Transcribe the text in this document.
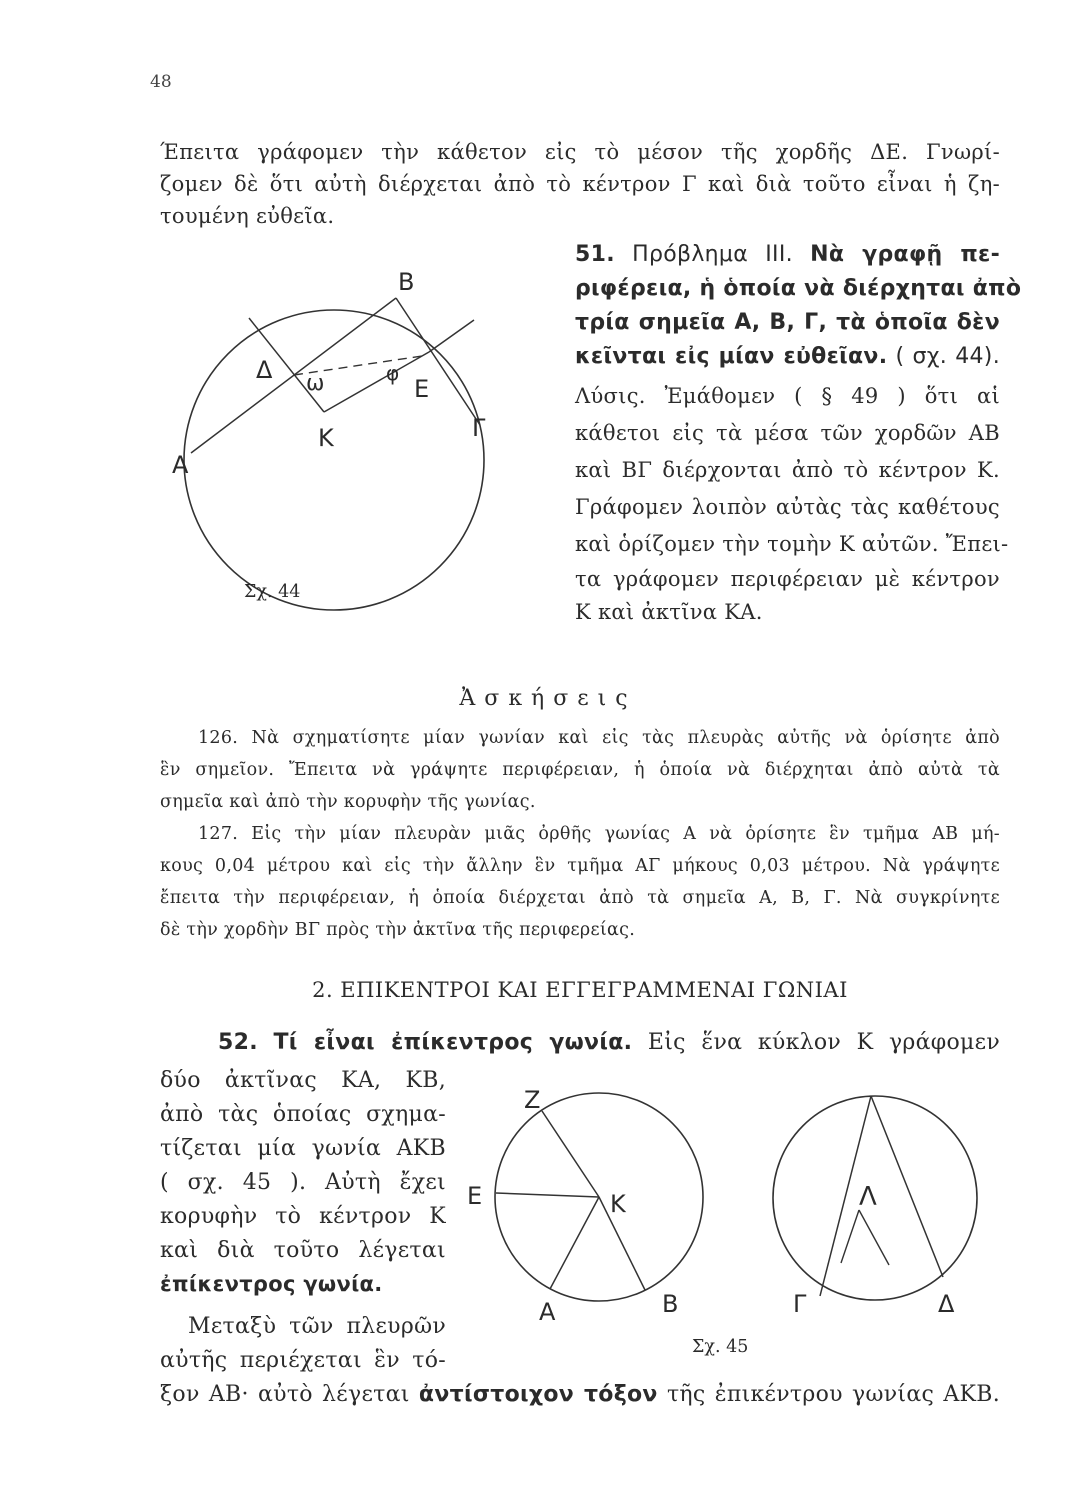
48
Έπειτα γράφομεν τὴν κάθετον εἰς τὸ μέσον τῆς χορδῆς ΔΕ. Γνωρί-
ζομεν δὲ ὅτι αὐτὴ διέρχεται ἀπὸ τὸ κέντρον Γ καὶ διὰ τοῦτο εἶναι ἡ ζη-
τουμένη εὐθεῖα.
51. Πρόβλημα III. Νὰ γραφῇ πε-
ριφέρεια, ἡ ὁποία νὰ διέρχηται ἀπὸ
τρία σημεῖα Α, Β, Γ, τὰ ὁποῖα δὲν
κεῖνται εἰς μίαν εὐθεῖαν. ( σχ. 44).
Λύσις. Ἐμάθομεν ( § 49 ) ὅτι αἱ
κάθετοι εἰς τὰ μέσα τῶν χορδῶν ΑΒ
καὶ ΒΓ διέρχονται ἀπὸ τὸ κέντρον Κ.
Γράφομεν λοιπὸν αὐτὰς τὰς καθέτους
καὶ ὁρίζομεν τὴν τομὴν Κ αὐτῶν. Ἔπει-
τα γράφομεν περιφέρειαν μὲ κέντρον
Κ καὶ ἀκτῖνα ΚΑ.
Β
Δ ω	φ
Ε
Κ	Γ
Α
Σχ. 44
Ἀ σ κ ή σ ε ι ς
126. Νὰ σχηματίσητε μίαν γωνίαν καὶ εἰς τὰς πλευρὰς αὐτῆς νὰ ὁρίσητε ἀπὸ
ἓν σημεῖον. Ἔπειτα νὰ γράψητε περιφέρειαν, ἡ ὁποία νὰ διέρχηται ἀπὸ αὐτὰ τὰ
σημεῖα καὶ ἀπὸ τὴν κορυφὴν τῆς γωνίας.
127. Εἰς τὴν μίαν πλευρὰν μιᾶς ὀρθῆς γωνίας Α νὰ ὁρίσητε ἓν τμῆμα ΑΒ μή-
κους 0,04 μέτρου καὶ εἰς τὴν ἄλλην ἓν τμῆμα ΑΓ μήκους 0,03 μέτρου. Νὰ γράψητε
ἔπειτα τὴν περιφέρειαν, ἡ ὁποία διέρχεται ἀπὸ τὰ σημεῖα Α, Β, Γ. Νὰ συγκρίνητε
δὲ τὴν χορδὴν ΒΓ πρὸς τὴν ἀκτῖνα τῆς περιφερείας.
2. ΕΠΙΚΕΝΤΡΟΙ ΚΑΙ ΕΓΓΕΓΡΑΜΜΕΝΑΙ ΓΩΝΙΑΙ
52. Τί εἶναι ἐπίκεντρος γωνία. Εἰς ἕνα κύκλον Κ γράφομεν
δύο ἀκτῖνας ΚΑ, ΚΒ,
ἀπὸ τὰς ὁποίας σχημα-
τίζεται μία γωνία ΑΚΒ
( σχ. 45 ). Αὐτὴ ἔχει
κορυφὴν τὸ κέντρον Κ
καὶ διὰ τοῦτο λέγεται
ἐπίκεντρος γωνία.
Μεταξὺ τῶν πλευρῶν
αὐτῆς περιέχεται ἓν τό-
ξον ΑΒ· αὐτὸ λέγεται ἀντίστοιχον τόξον τῆς ἐπικέντρου γωνίας ΑΚΒ.
Ζ
Ε	Κ
Α	Β
Λ
Γ	Δ
Σχ. 45
